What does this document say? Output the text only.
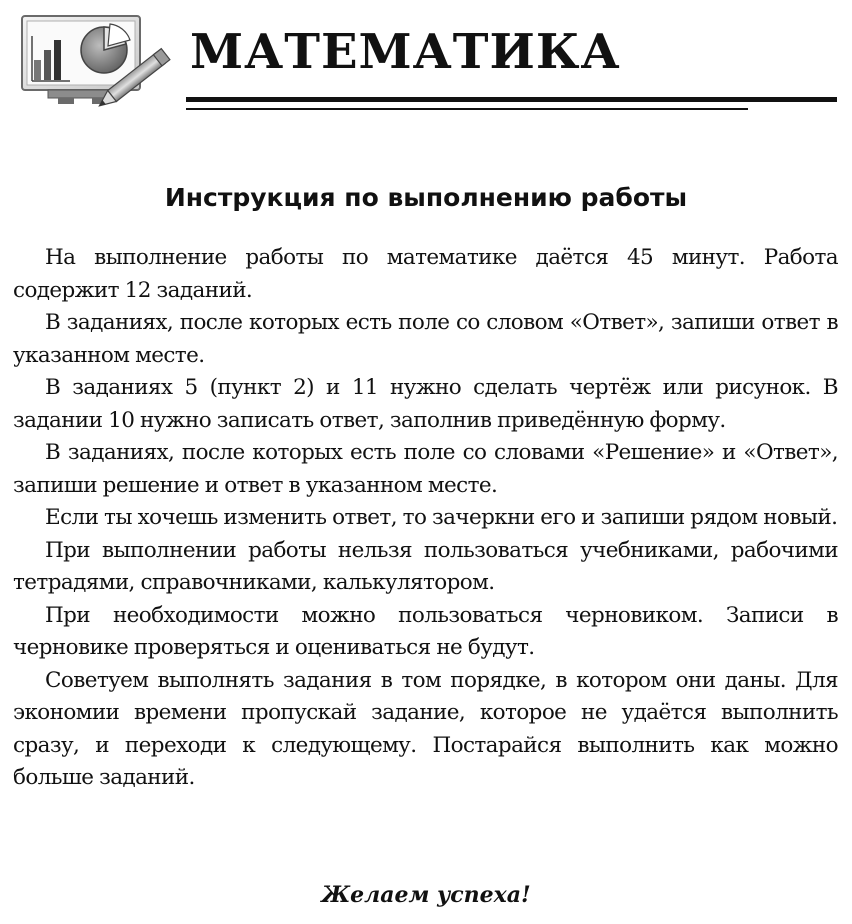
МАТЕМАТИКА
Инструкция по выполнению работы

На выполнение работы по математике даётся 45 минут. Работа содержит 12 заданий.

В заданиях, после которых есть поле со словом «Ответ», запиши ответ в указанном месте.

В заданиях 5 (пункт 2) и 11 нужно сделать чертёж или рисунок. В задании 10 нужно записать ответ, заполнив приведённую форму.

В заданиях, после которых есть поле со словами «Решение» и «Ответ», запиши решение и ответ в указанном месте.

Если ты хочешь изменить ответ, то зачеркни его и запиши рядом новый.

При выполнении работы нельзя пользоваться учебниками, рабочими тетрадями, справочниками, калькулятором.

При необходимости можно пользоваться черновиком. Записи в черновике проверяться и оцениваться не будут.

Советуем выполнять задания в том порядке, в котором они даны. Для экономии времени пропускай задание, которое не удаётся выполнить сразу, и переходи к следующему. Постарайся выполнить как можно больше заданий.

Желаем успеха!
